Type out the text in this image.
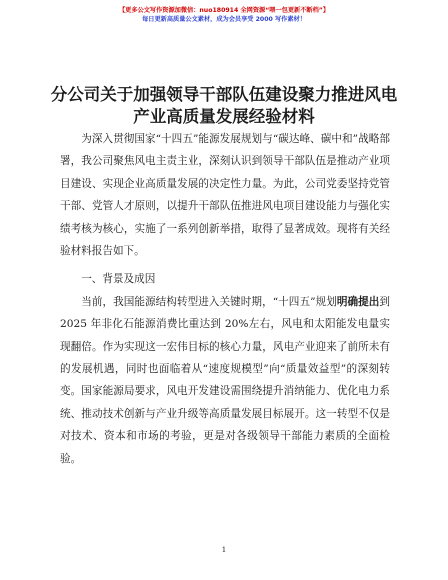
【更多公文写作资源加微信：nuo180914 全网资源“喂一包更新不断档”】
每日更新高质量公文素材，成为会员享受 2000 写作素材！
分公司关于加强领导干部队伍建设聚力推进风电产业高质量发展经验材料

为深入贯彻国家“十四五”能源发展规划与“碳达峰、碳中和”战略部署，我公司聚焦风电主责主业，深刻认识到领导干部队伍是推动产业项目建设、实现企业高质量发展的决定性力量。为此，公司党委坚持党管干部、党管人才原则，以提升干部队伍推进风电项目建设能力与强化实绩考核为核心，实施了一系列创新举措，取得了显著成效。现将有关经验材料报告如下。

一、背景及成因

当前，我国能源结构转型进入关键时期，“十四五”规划明确提出到 2025 年非化石能源消费比重达到 20%左右，风电和太阳能发电量实现翻倍。作为实现这一宏伟目标的核心力量，风电产业迎来了前所未有的发展机遇，同时也面临着从“速度规模型”向“质量效益型”的深刻转变。国家能源局要求，风电开发建设需围绕提升消纳能力、优化电力系统、推动技术创新与产业升级等高质量发展目标展开。这一转型不仅是对技术、资本和市场的考验，更是对各级领导干部能力素质的全面检验。

1
